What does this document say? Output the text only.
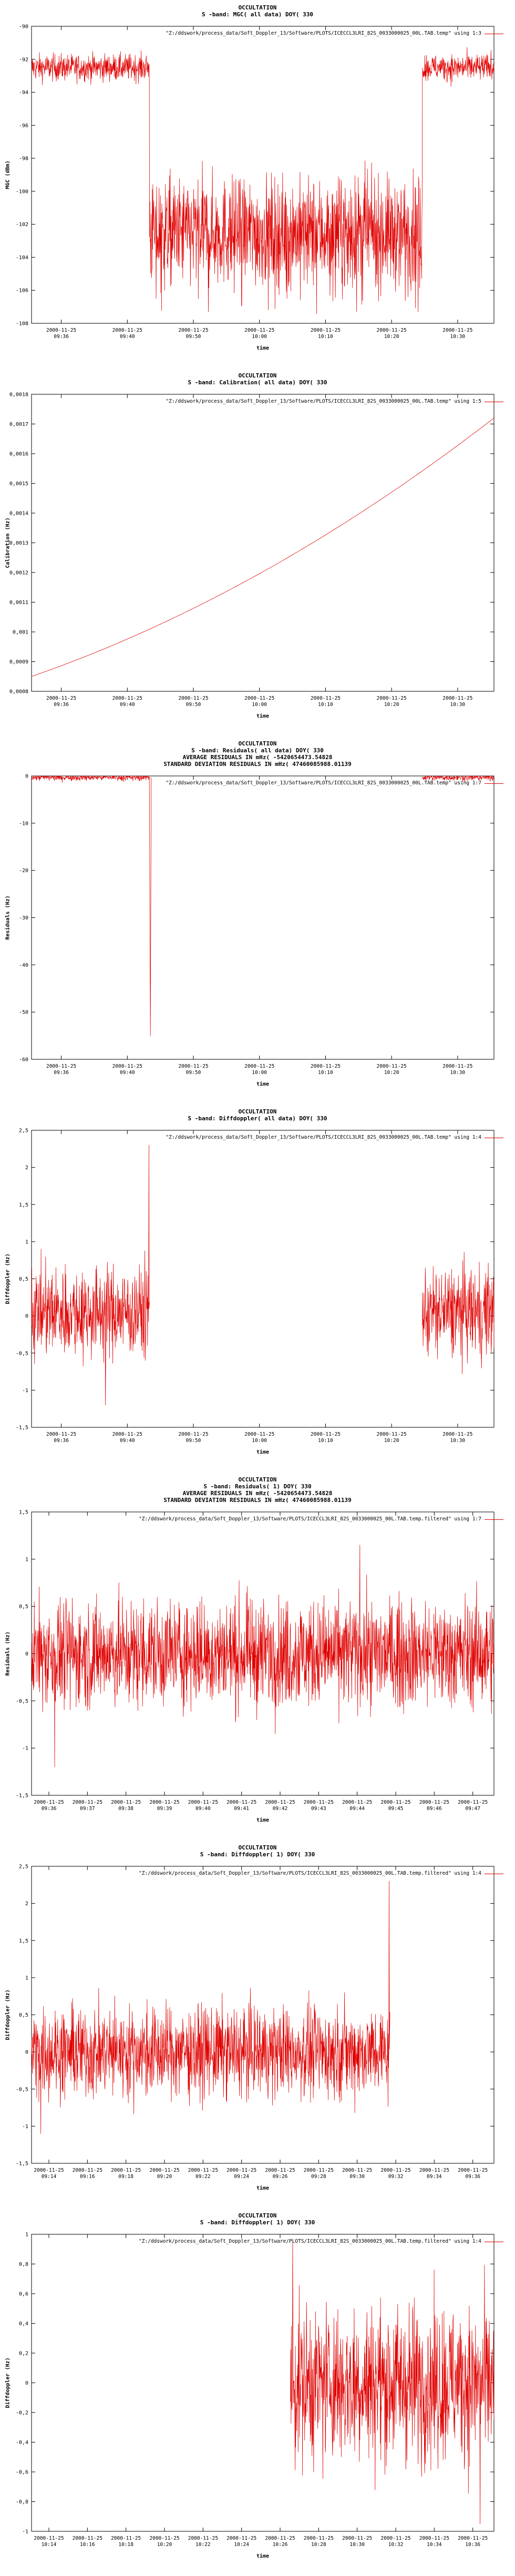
OCCULTATION
S -band: MGC( all data) DOY( 330
-90
-92
-94
-96
-98
-100
-102
-104
-106
-108
2000-11-25
09:36
2000-11-25
09:40
2000-11-25
09:50
2000-11-25
10:00
2000-11-25
10:10
2000-11-25
10:20
2000-11-25
10:30
MGC (dBm)
time
"Z:/ddswork/process_data/Soft_Doppler_13/Software/PLOTS/ICECCL3LRI_82S_0033000025_00L.TAB.temp" using 1:3
OCCULTATION
S -band: Calibration( all data) DOY( 330
0,0018
0,0017
0,0016
0,0015
0,0014
0,0013
0,0012
0,0011
0,001
0,0009
0,0008
2000-11-25
09:36
2000-11-25
09:40
2000-11-25
09:50
2000-11-25
10:00
2000-11-25
10:10
2000-11-25
10:20
2000-11-25
10:30
Calibration (Hz)
time
"Z:/ddswork/process_data/Soft_Doppler_13/Software/PLOTS/ICECCL3LRI_82S_0033000025_00L.TAB.temp" using 1:5
OCCULTATION
S -band: Residuals( all data) DOY( 330
AVERAGE RESIDUALS IN mHz( -5420654473.54828
STANDARD DEVIATION RESIDUALS IN mHz( 47460085988.01139
0
-10
-20
-30
-40
-50
-60
2000-11-25
09:36
2000-11-25
09:40
2000-11-25
09:50
2000-11-25
10:00
2000-11-25
10:10
2000-11-25
10:20
2000-11-25
10:30
Residuals (Hz)
time
"Z:/ddswork/process_data/Soft_Doppler_13/Software/PLOTS/ICECCL3LRI_82S_0033000025_00L.TAB.temp" using 1:7
OCCULTATION
S -band: Diffdoppler( all data) DOY( 330
2,5
2
1,5
1
0,5
0
-0,5
-1
-1,5
2000-11-25
09:36
2000-11-25
09:40
2000-11-25
09:50
2000-11-25
10:00
2000-11-25
10:10
2000-11-25
10:20
2000-11-25
10:30
Diffdoppler (Hz)
time
"Z:/ddswork/process_data/Soft_Doppler_13/Software/PLOTS/ICECCL3LRI_82S_0033000025_00L.TAB.temp" using 1:4
OCCULTATION
S -band: Residuals( 1) DOY( 330
AVERAGE RESIDUALS IN mHz( -5420654473.54828
STANDARD DEVIATION RESIDUALS IN mHz( 47460085988.01139
1,5
1
0,5
0
-0,5
-1
-1,5
2000-11-25
09:36
2000-11-25
09:37
2000-11-25
09:38
2000-11-25
09:39
2000-11-25
09:40
2000-11-25
09:41
2000-11-25
09:42
2000-11-25
09:43
2000-11-25
09:44
2000-11-25
09:45
2000-11-25
09:46
2000-11-25
09:47
Residuals (Hz)
time
"Z:/ddswork/process_data/Soft_Doppler_13/Software/PLOTS/ICECCL3LRI_82S_0033000025_00L.TAB.temp.filtered" using 1:7
OCCULTATION
S -band: Diffdoppler( 1) DOY( 330
2,5
2
1,5
1
0,5
0
-0,5
-1
-1,5
2000-11-25
09:14
2000-11-25
09:16
2000-11-25
09:18
2000-11-25
09:20
2000-11-25
09:22
2000-11-25
09:24
2000-11-25
09:26
2000-11-25
09:28
2000-11-25
09:30
2000-11-25
09:32
2000-11-25
09:34
2000-11-25
09:36
Diffdoppler (Hz)
time
"Z:/ddswork/process_data/Soft_Doppler_13/Software/PLOTS/ICECCL3LRI_82S_0033000025_00L.TAB.temp.filtered" using 1:4
OCCULTATION
S -band: Diffdoppler( 1) DOY( 330
1
0,8
0,6
0,4
0,2
0
-0,2
-0,4
-0,6
-0,8
-1
2000-11-25
10:14
2000-11-25
10:16
2000-11-25
10:18
2000-11-25
10:20
2000-11-25
10:22
2000-11-25
10:24
2000-11-25
10:26
2000-11-25
10:28
2000-11-25
10:30
2000-11-25
10:32
2000-11-25
10:34
2000-11-25
10:36
Diffdoppler (Hz)
time
"Z:/ddswork/process_data/Soft_Doppler_13/Software/PLOTS/ICECCL3LRI_82S_0033000025_00L.TAB.temp.filtered" using 1:4
